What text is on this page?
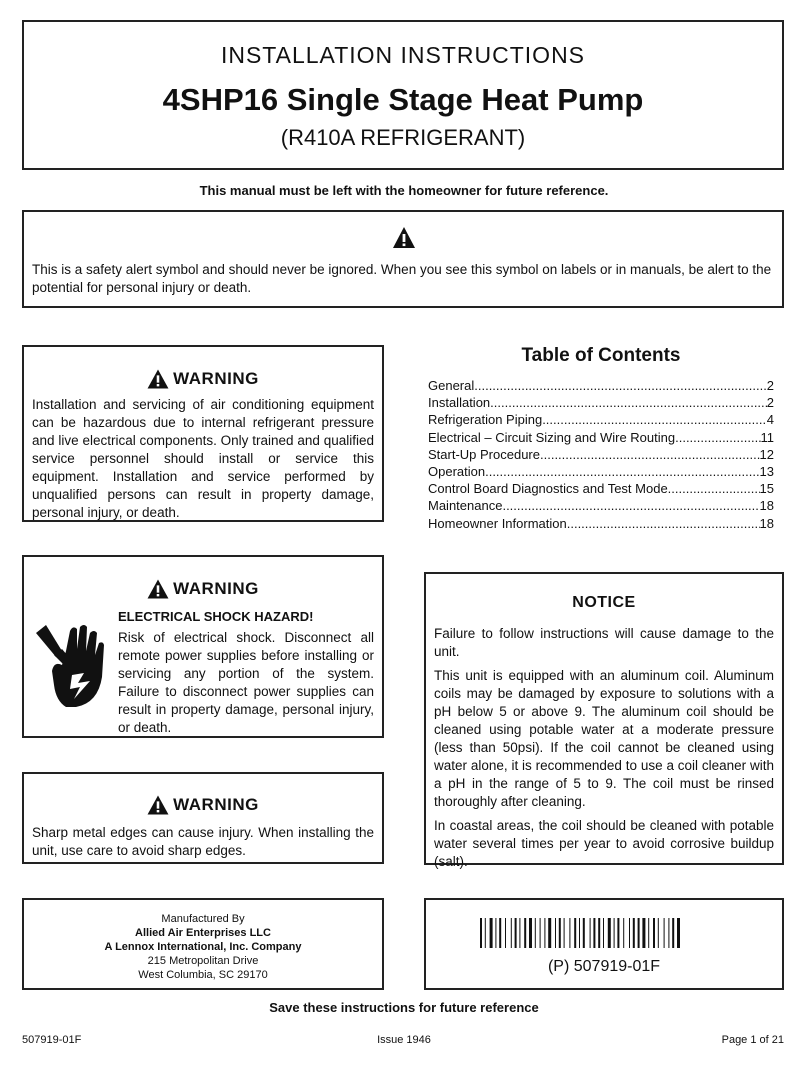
INSTALLATION INSTRUCTIONS
4SHP16 Single Stage Heat Pump
(R410A REFRIGERANT)
This manual must be left with the homeowner for future reference.
This is a safety alert symbol and should never be ignored. When you see this symbol on labels or in manuals, be alert to the potential for personal injury or death.
WARNING
Installation and servicing of air conditioning equipment can be hazardous due to internal refrigerant pressure and live electrical components. Only trained and qualified service personnel should install or service this equipment. Installation and service performed by unqualified persons can result in property damage, personal injury, or death.
WARNING
ELECTRICAL SHOCK HAZARD!
Risk of electrical shock. Disconnect all remote power supplies before installing or servicing any portion of the system. Failure to disconnect power supplies can result in property damage, personal injury, or death.
WARNING
Sharp metal edges can cause injury. When installing the unit, use care to avoid sharp edges.
Table of Contents
General .....	2
Installation .....	2
Refrigeration Piping .....	4
Electrical – Circuit Sizing and Wire Routing .....	11
Start-Up Procedure .....	12
Operation .....	13
Control Board Diagnostics and Test Mode .....	15
Maintenance .....	18
Homeowner Information .....	18
NOTICE

Failure to follow instructions will cause damage to the unit.

This unit is equipped with an aluminum coil. Aluminum coils may be damaged by exposure to solutions with a pH below 5 or above 9. The aluminum coil should be cleaned using potable water at a moderate pressure (less than 50psi). If the coil cannot be cleaned using water alone, it is recommended to use a coil cleaner with a pH in the range of 5 to 9. The coil must be rinsed thoroughly after cleaning.

In coastal areas, the coil should be cleaned with potable water several times per year to avoid corrosive buildup (salt).

Manufactured By
Allied Air Enterprises LLC
A Lennox International, Inc. Company
215 Metropolitan Drive
West Columbia, SC 29170	(P) 507919-01F
Save these instructions for future reference
507919-01F	Issue 1946	Page 1 of 21
